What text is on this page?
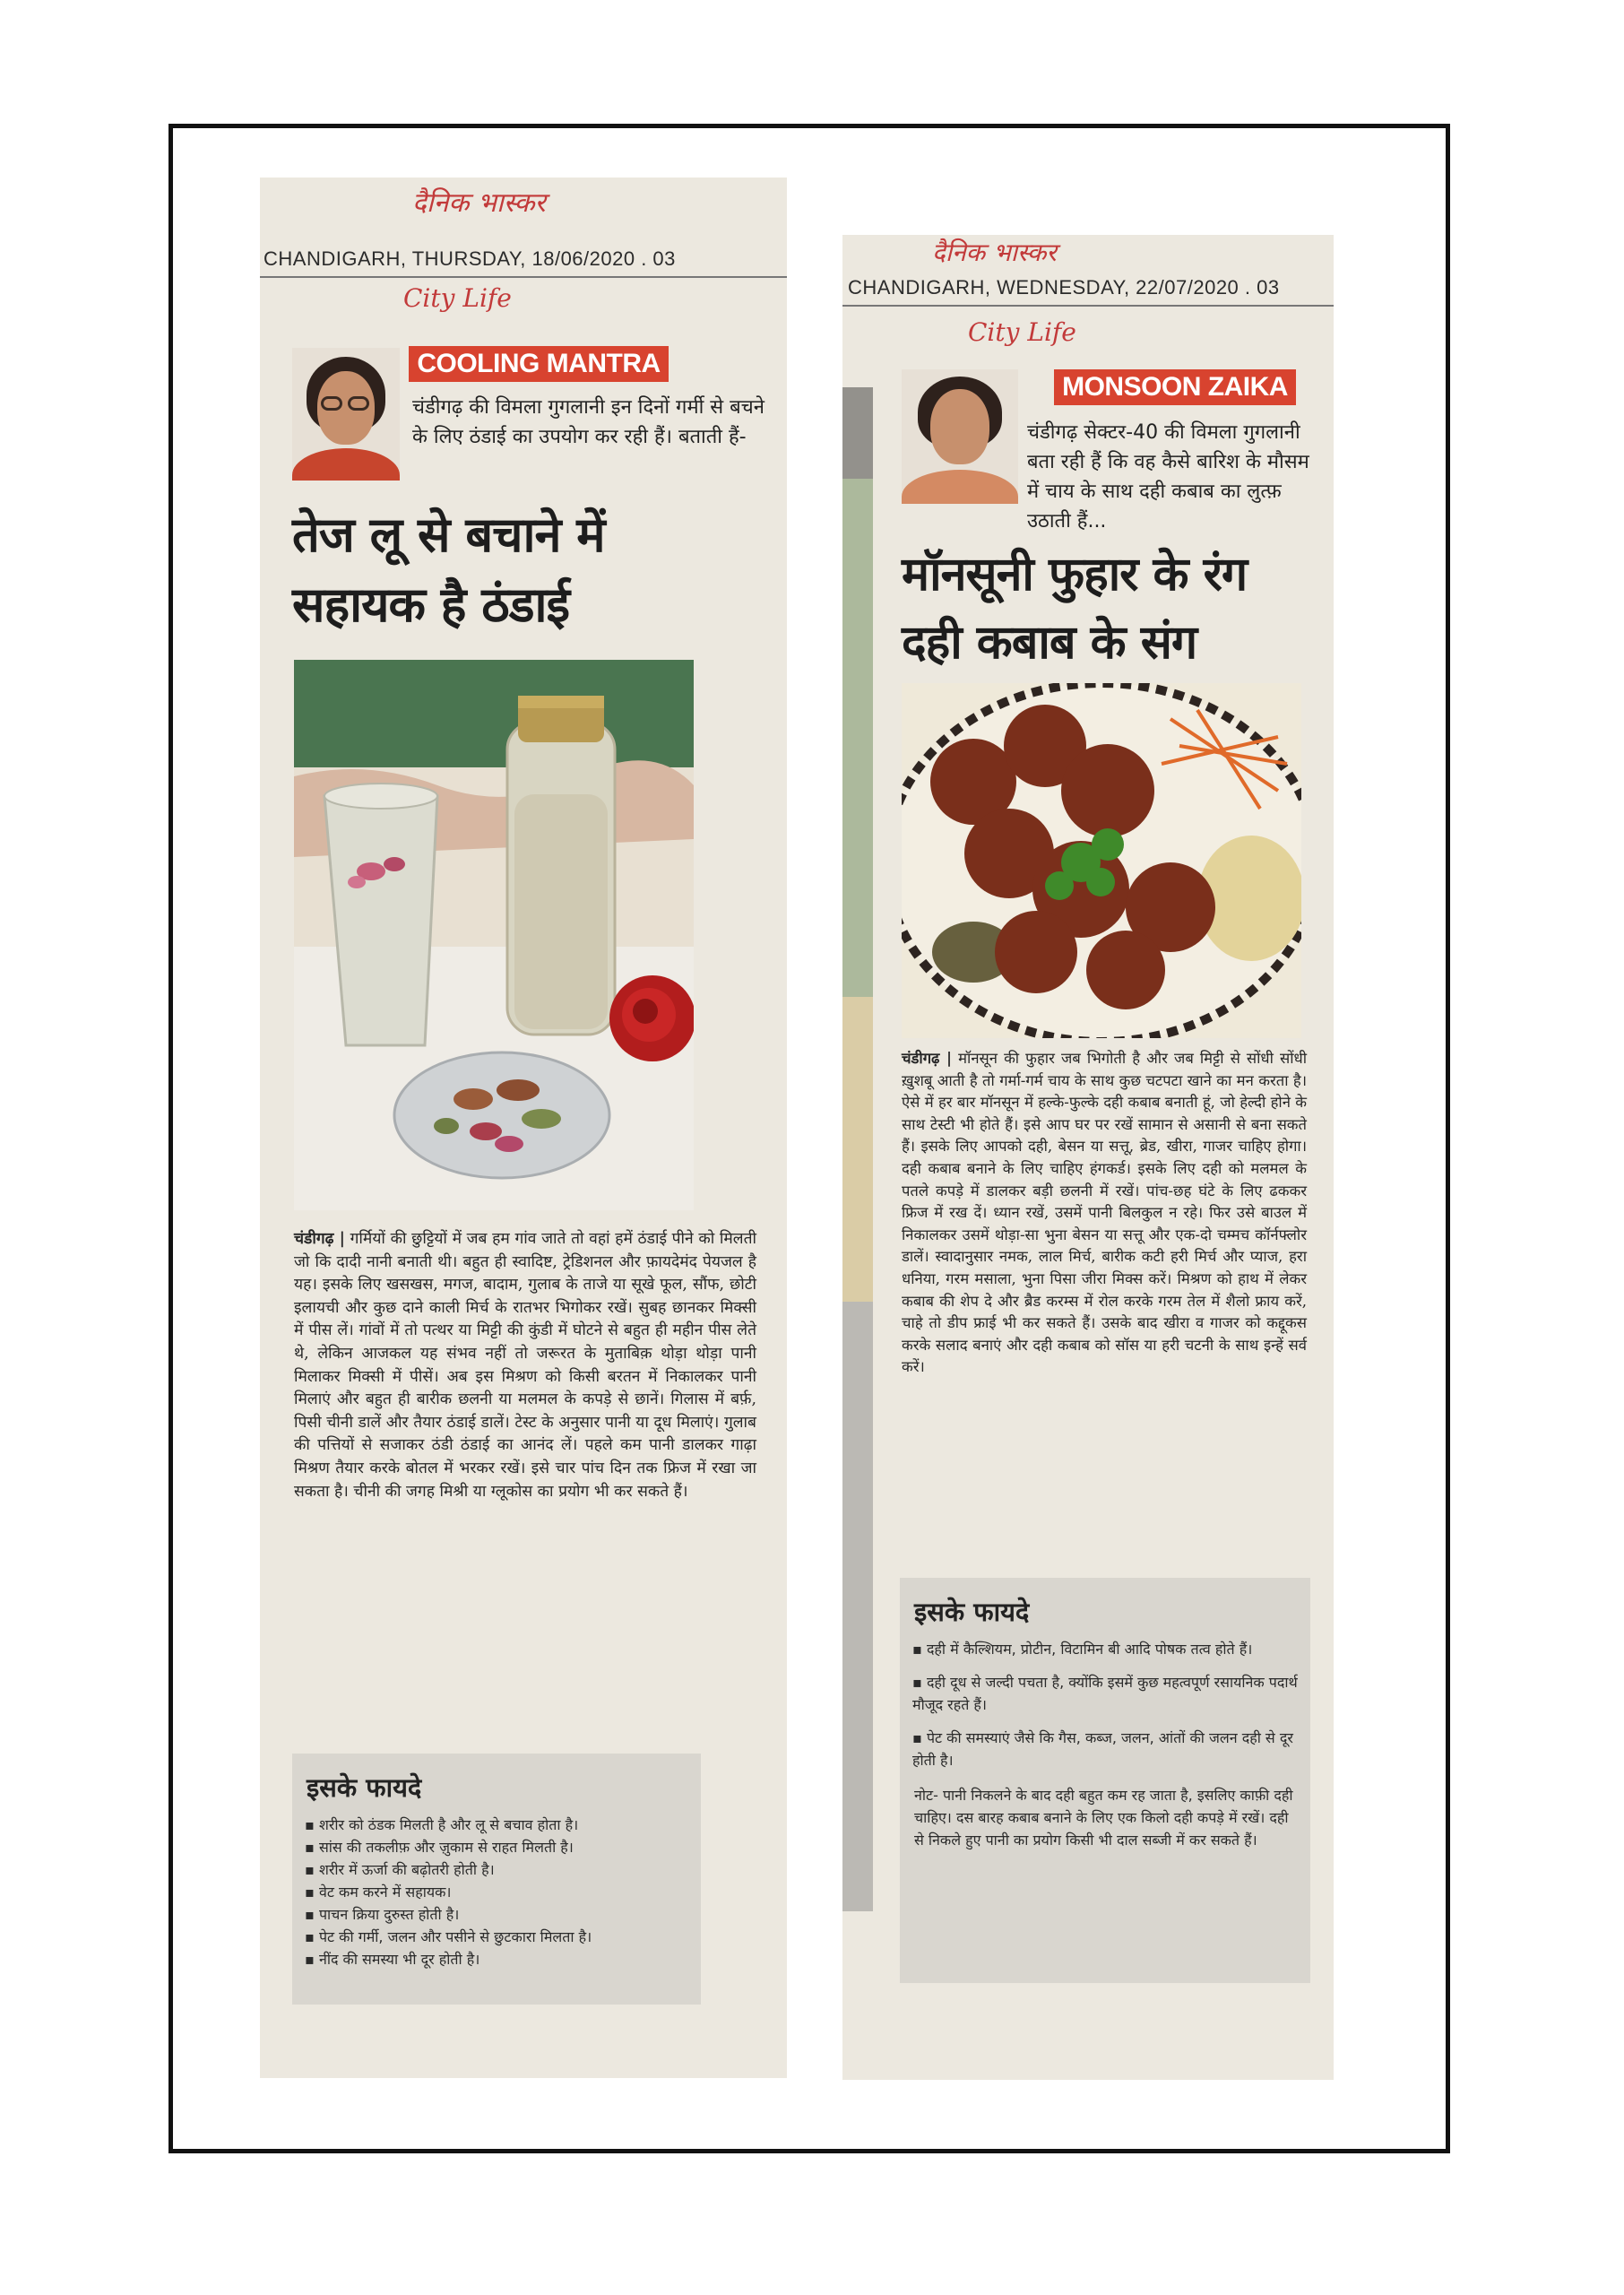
दैनिक भास्कर
CHANDIGARH, THURSDAY, 18/06/2020 . 03
City Life
COOLING MANTRA
चंडीगढ़ की विमला गुगलानी इन दिनों गर्मी से बचने के लिए ठंडाई का उपयोग कर रही हैं। बताती हैं-
तेज लू से बचाने में
सहायक है ठंडाई
चंडीगढ़ | गर्मियों की छुट्टियों में जब हम गांव जाते तो वहां हमें ठंडाई पीने को मिलती जो कि दादी नानी बनाती थी। बहुत ही स्वादिष्ट, ट्रेडिशनल और फ़ायदेमंद पेयजल है यह। इसके लिए खसखस, मगज, बादाम, गुलाब के ताजे या सूखे फूल, सौंफ, छोटी इलायची और कुछ दाने काली मिर्च के रातभर भिगोकर रखें। सुबह छानकर मिक्सी में पीस लें। गांवों में तो पत्थर या मिट्टी की कुंडी में घोटने से बहुत ही महीन पीस लेते थे, लेकिन आजकल यह संभव नहीं तो जरूरत के मुताबिक़ थोड़ा थोड़ा पानी मिलाकर मिक्सी में पीसें। अब इस मिश्रण को किसी बरतन में निकालकर पानी मिलाएं और बहुत ही बारीक छलनी या मलमल के कपड़े से छानें। गिलास में बर्फ़, पिसी चीनी डालें और तैयार ठंडाई डालें। टेस्ट के अनुसार पानी या दूध मिलाएं। गुलाब की पत्तियों से सजाकर ठंडी ठंडाई का आनंद लें। पहले कम पानी डालकर गाढ़ा मिश्रण तैयार करके बोतल में भरकर रखें। इसे चार पांच दिन तक फ्रिज में रखा जा सकता है। चीनी की जगह मिश्री या ग्लूकोस का प्रयोग भी कर सकते हैं।
इसके फायदे
▪ शरीर को ठंडक मिलती है और लू से बचाव होता है।
▪ सांस की तकलीफ़ और ज़ुकाम से राहत मिलती है।
▪ शरीर में ऊर्जा की बढ़ोतरी होती है।
▪ वेट कम करने में सहायक।
▪ पाचन क्रिया दुरुस्त होती है।
▪ पेट की गर्मी, जलन और पसीने से छुटकारा मिलता है।
▪ नींद की समस्या भी दूर होती है।
दैनिक भास्कर
CHANDIGARH, WEDNESDAY, 22/07/2020 . 03
City Life
MONSOON ZAIKA
चंडीगढ़ सेक्टर-40 की विमला गुगलानी बता रही हैं कि वह कैसे बारिश के मौसम में चाय के साथ दही कबाब का लुत्फ़ उठाती हैं...
मॉनसूनी फुहार के रंग
दही कबाब के संग
चंडीगढ़ | मॉनसून की फुहार जब भिगोती है और जब मिट्टी से सोंधी सोंधी ख़ुशबू आती है तो गर्मा-गर्म चाय के साथ कुछ चटपटा खाने का मन करता है। ऐसे में हर बार मॉनसून में हल्के-फुल्के दही कबाब बनाती हूं, जो हेल्दी होने के साथ टेस्टी भी होते हैं। इसे आप घर पर रखें सामान से असानी से बना सकते हैं। इसके लिए आपको दही, बेसन या सत्तू, ब्रेड, खीरा, गाजर चाहिए होगा। दही कबाब बनाने के लिए चाहिए हंगकर्ड। इसके लिए दही को मलमल के पतले कपड़े में डालकर बड़ी छलनी में रखें। पांच-छह घंटे के लिए ढककर फ्रिज में रख दें। ध्यान रखें, उसमें पानी बिलकुल न रहे। फिर उसे बाउल में निकालकर उसमें थोड़ा-सा भुना बेसन या सत्तू और एक-दो चम्मच कॉर्नफ्लोर डालें। स्वादानुसार नमक, लाल मिर्च, बारीक कटी हरी मिर्च और प्याज, हरा धनिया, गरम मसाला, भुना पिसा जीरा मिक्स करें। मिश्रण को हाथ में लेकर कबाब की शेप दे और ब्रैड करम्स में रोल करके गरम तेल में शैलो फ्राय करें, चाहे तो डीप फ्राई भी कर सकते हैं। उसके बाद खीरा व गाजर को कद्दूकस करके सलाद बनाएं और दही कबाब को सॉस या हरी चटनी के साथ इन्हें सर्व करें।
इसके फायदे
▪ दही में कैल्शियम, प्रोटीन, विटामिन बी आदि पोषक तत्व होते हैं।
▪ दही दूध से जल्दी पचता है, क्योंकि इसमें कुछ महत्वपूर्ण रसायनिक पदार्थ मौजूद रहते हैं।
▪ पेट की समस्याएं जैसे कि गैस, कब्ज, जलन, आंतों की जलन दही से दूर होती है।

नोट- पानी निकलने के बाद दही बहुत कम रह जाता है, इसलिए काफ़ी दही चाहिए। दस बारह कबाब बनाने के लिए एक किलो दही कपड़े में रखें। दही से निकले हुए पानी का प्रयोग किसी भी दाल सब्जी में कर सकते हैं।
